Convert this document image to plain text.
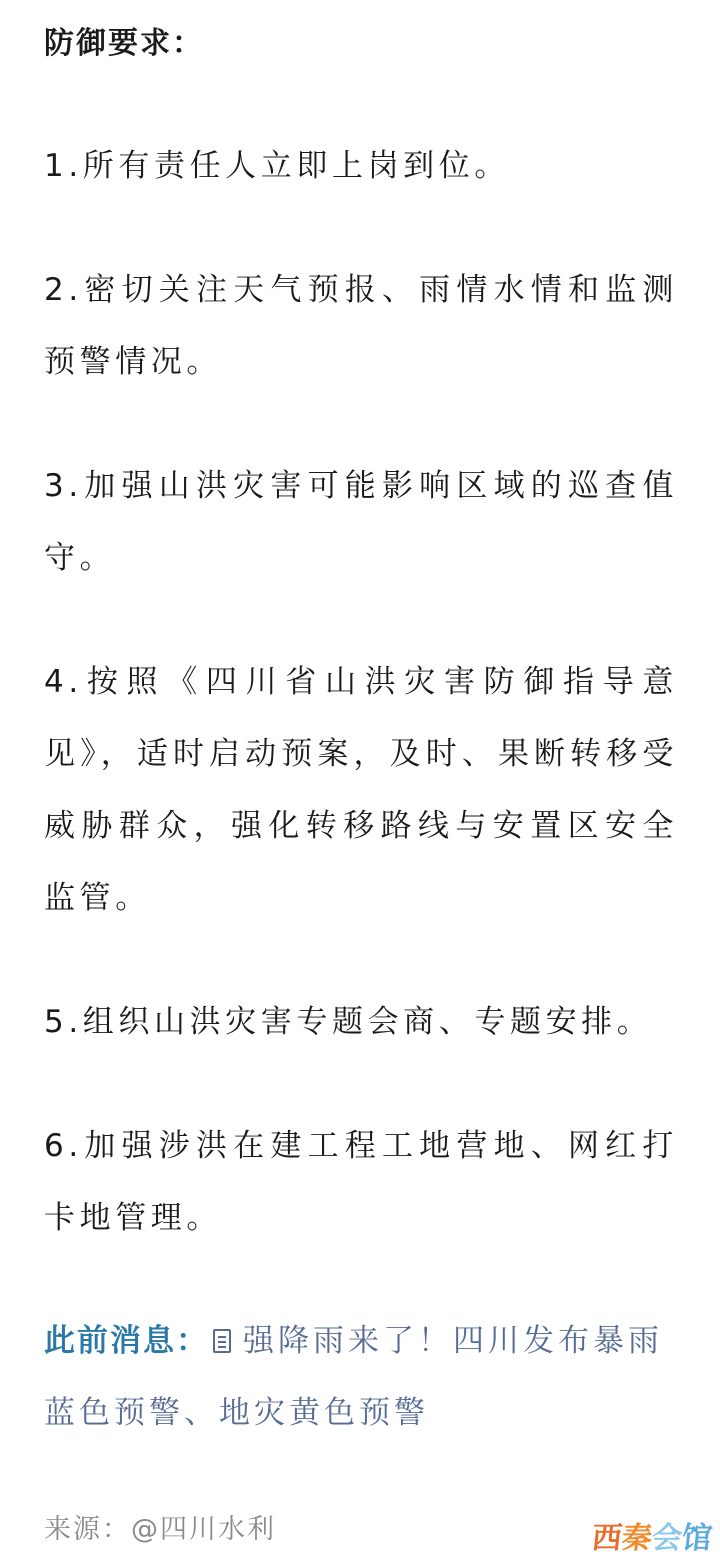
防御要求：

1.所有责任人立即上岗到位。

2.密切关注天气预报、雨情水情和监测预警情况。

3.加强山洪灾害可能影响区域的巡查值守。

4.按照《四川省山洪灾害防御指导意见》，适时启动预案，及时、果断转移受威胁群众，强化转移路线与安置区安全监管。

5.组织山洪灾害专题会商、专题安排。

6.加强涉洪在建工程工地营地、网红打卡地管理。

此前消息： 强降雨来了！四川发布暴雨蓝色预警、地灾黄色预警

来源：@四川水利	西
秦
会
馆
